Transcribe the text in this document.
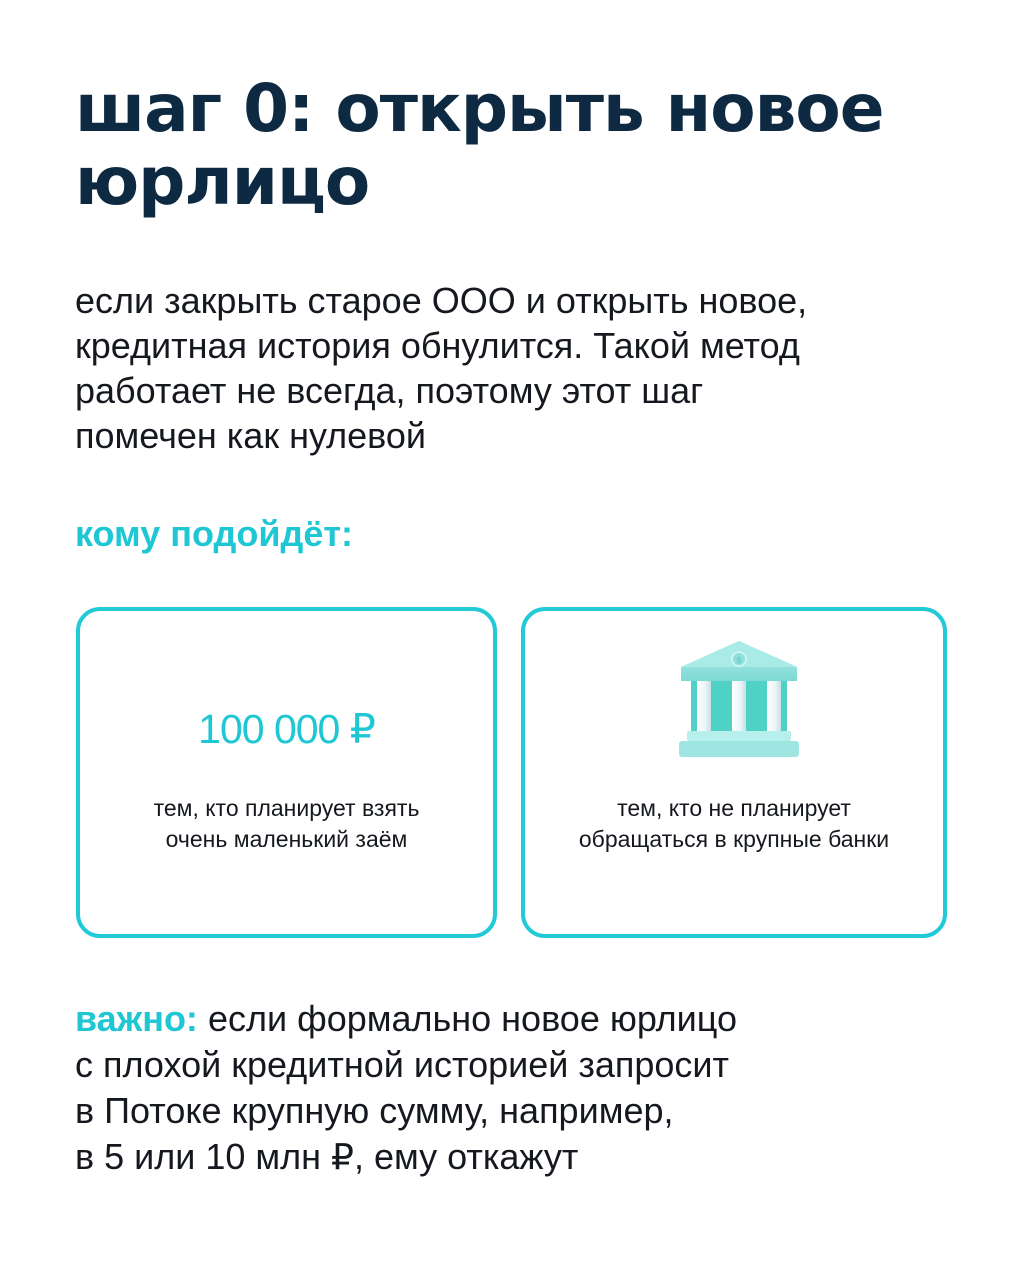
шаг 0: открыть новое
юрлицо
если закрыть старое ООО и открыть новое,
кредитная история обнулится. Такой метод
работает не всегда, поэтому этот шаг
помечен как нулевой
кому подойдёт:
100 000 ₽
тем, кто планирует взять
очень маленький заём
$
тем, кто не планирует
обращаться в крупные банки
важно: если формально новое юрлицо
с плохой кредитной историей запросит
в Потоке крупную сумму, например,
в 5 или 10 млн ₽, ему откажут
